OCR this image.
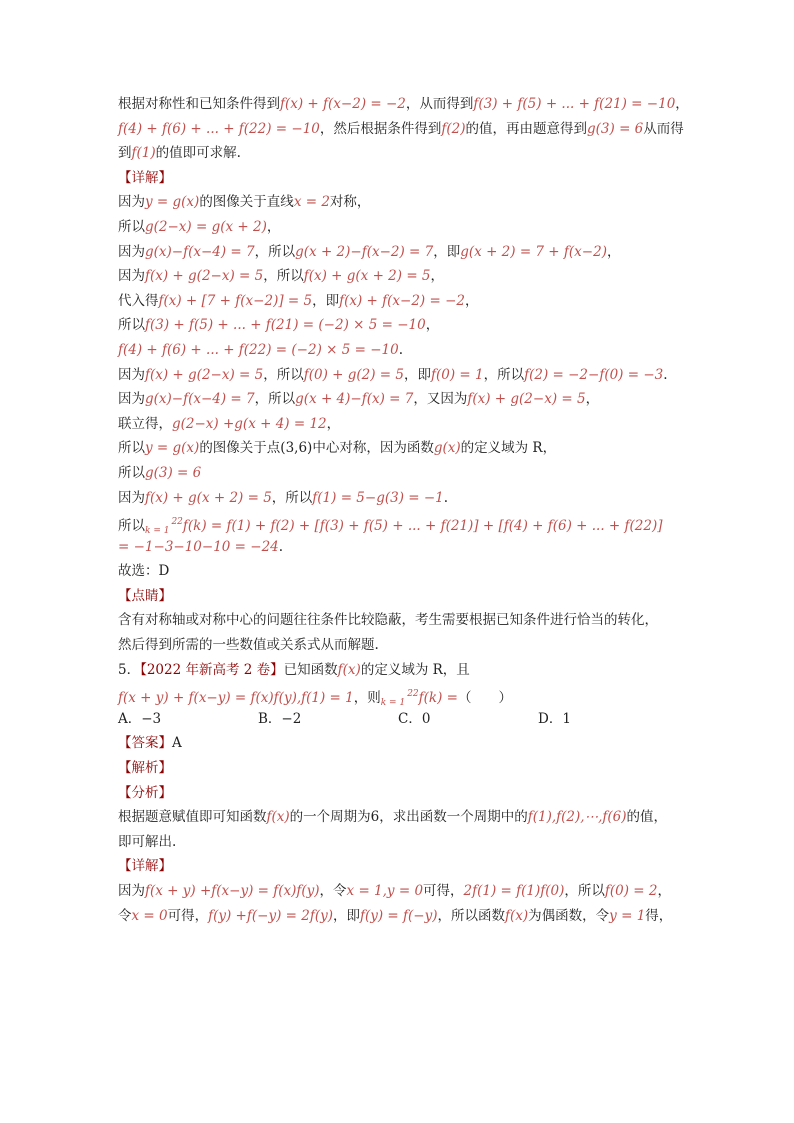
根据对称性和已知条件得到f(x) + f(x−2) = −2，从而得到f(3) + f(5) + ... + f(21) = −10，
f(4) + f(6) + ... + f(22) = −10，然后根据条件得到f(2)的值，再由题意得到g(3) = 6从而得
到f(1)的值即可求解.
【详解】
因为y = g(x)的图像关于直线x = 2对称，
所以g(2−x) = g(x + 2)，
因为g(x)−f(x−4) = 7，所以g(x + 2)−f(x−2) = 7，即g(x + 2) = 7 + f(x−2)，
因为f(x) + g(2−x) = 5，所以f(x) + g(x + 2) = 5，
代入得f(x) + [7 + f(x−2)] = 5，即f(x) + f(x−2) = −2，
所以f(3) + f(5) + ... + f(21) = (−2) × 5 = −10，
f(4) + f(6) + ... + f(22) = (−2) × 5 = −10.
因为f(x) + g(2−x) = 5，所以f(0) + g(2) = 5，即f(0) = 1，所以f(2) = −2−f(0) = −3.
因为g(x)−f(x−4) = 7，所以g(x + 4)−f(x) = 7，又因为f(x) + g(2−x) = 5，
联立得，g(2−x) +g(x + 4) = 12，
所以y = g(x)的图像关于点(3,6)中心对称，因为函数g(x)的定义域为 R，
所以g(3) = 6
因为f(x) + g(x + 2) = 5，所以f(1) = 5−g(3) = −1.
所以$_{k = 1}^{22}$f(k) = f(1) + f(2) + [f(3) + f(5) + ... + f(21)] + [f(4) + f(6) + ... + f(22)]
= −1−3−10−10 = −24.
故选：D
【点睛】
含有对称轴或对称中心的问题往往条件比较隐蔽，考生需要根据已知条件进行恰当的转化，
然后得到所需的一些数值或关系式从而解题.
5．【2022 年新高考 2 卷】已知函数f(x)的定义域为 R，且
f(x + y) + f(x−y) = f(x)f(y),f(1) = 1，则$_{k = 1}^{22}$f(k) =（　　）
A．−3	B．−2	C．0	D．1
【答案】A
【解析】
【分析】
根据题意赋值即可知函数f(x)的一个周期为6，求出函数一个周期中的f(1),f(2),⋯,f(6)的值，
即可解出.
【详解】
因为f(x + y) +f(x−y) = f(x)f(y)，令x = 1,y = 0可得，2f(1) = f(1)f(0)，所以f(0) = 2，
令x = 0可得，f(y) +f(−y) = 2f(y)，即f(y) = f(−y)，所以函数f(x)为偶函数，令y = 1得，
